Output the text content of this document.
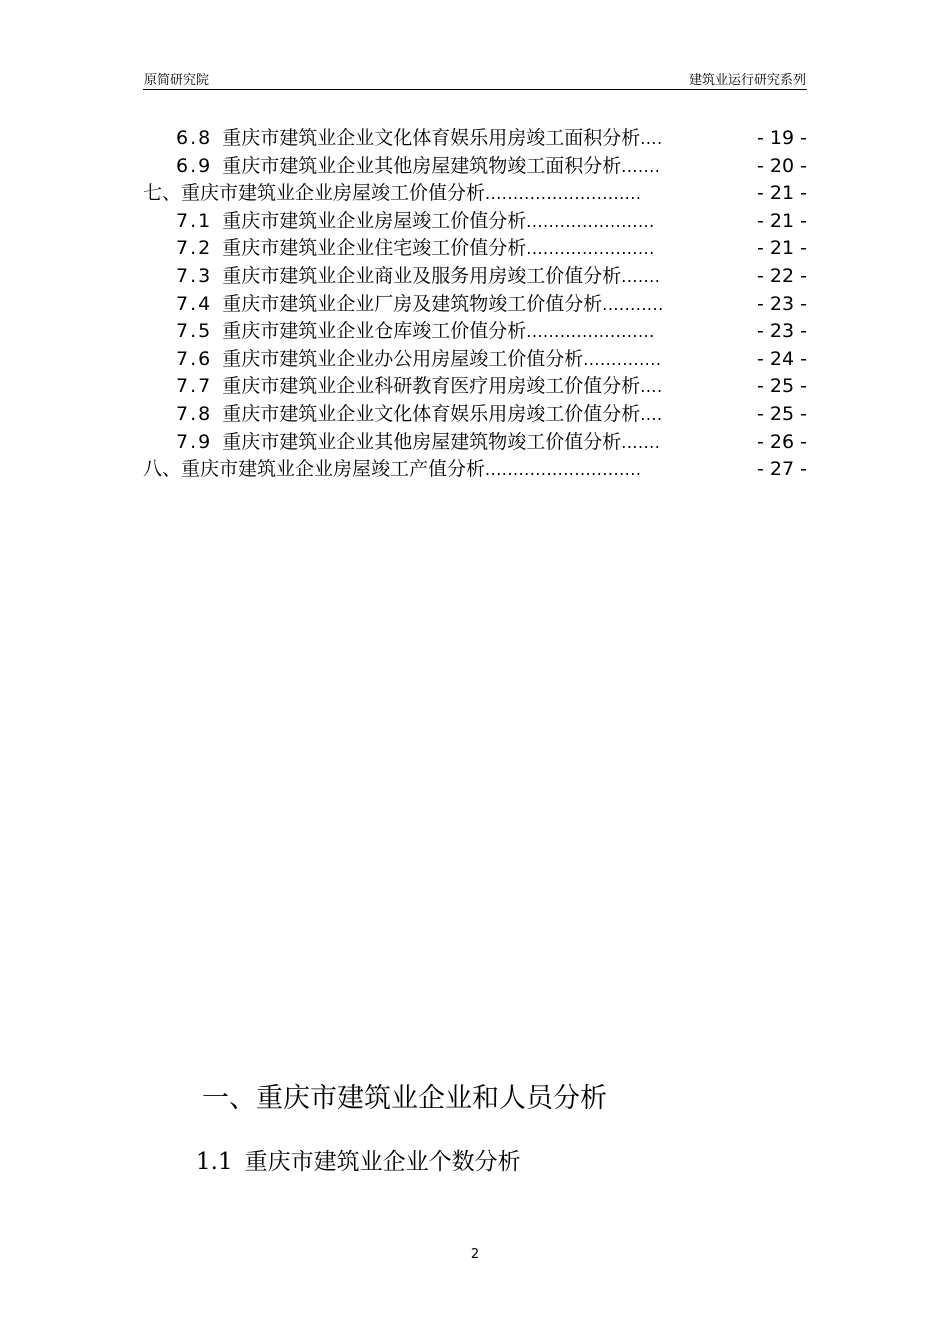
原简研究院	建筑业运行研究系列
6.8 重庆市建筑业企业文化体育娱乐用房竣工面积分析 ....	- 19 -
6.9 重庆市建筑业企业其他房屋建筑物竣工面积分析 .......	- 20 -
七、重庆市建筑业企业房屋竣工价值分析 ............................	- 21 -
7.1 重庆市建筑业企业房屋竣工价值分析 .......................	- 21 -
7.2 重庆市建筑业企业住宅竣工价值分析 .......................	- 21 -
7.3 重庆市建筑业企业商业及服务用房竣工价值分析 .......	- 22 -
7.4 重庆市建筑业企业厂房及建筑物竣工价值分析 ...........	- 23 -
7.5 重庆市建筑业企业仓库竣工价值分析 .......................	- 23 -
7.6 重庆市建筑业企业办公用房屋竣工价值分析 ..............	- 24 -
7.7 重庆市建筑业企业科研教育医疗用房竣工价值分析 ....	- 25 -
7.8 重庆市建筑业企业文化体育娱乐用房竣工价值分析 ....	- 25 -
7.9 重庆市建筑业企业其他房屋建筑物竣工价值分析 .......	- 26 -
八、重庆市建筑业企业房屋竣工产值分析 ............................	- 27 -
一、重庆市建筑业企业和人员分析
1.1 重庆市建筑业企业个数分析
2
